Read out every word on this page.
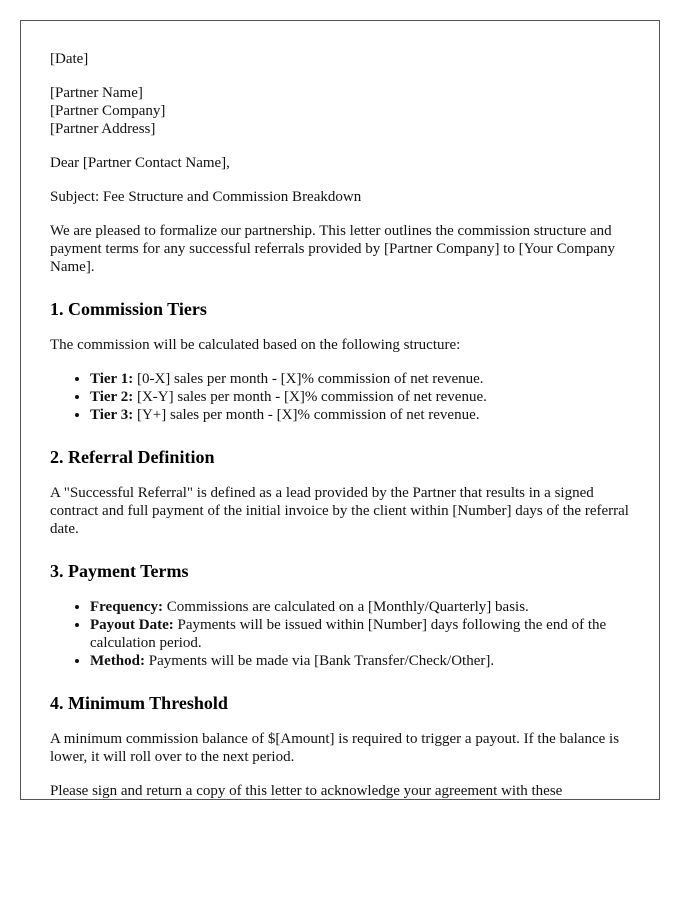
[Date]

[Partner Name]
[Partner Company]
[Partner Address]

Dear [Partner Contact Name],

Subject: Fee Structure and Commission Breakdown

We are pleased to formalize our partnership. This letter outlines the commission structure and payment terms for any successful referrals provided by [Partner Company] to [Your Company Name].

1. Commission Tiers

The commission will be calculated based on the following structure:

• Tier 1: [0-X] sales per month - [X]% commission of net revenue.
• Tier 2: [X-Y] sales per month - [X]% commission of net revenue.
• Tier 3: [Y+] sales per month - [X]% commission of net revenue.
2. Referral Definition

A "Successful Referral" is defined as a lead provided by the Partner that results in a signed contract and full payment of the initial invoice by the client within [Number] days of the referral date.

3. Payment Terms
• Frequency: Commissions are calculated on a [Monthly/Quarterly] basis.
• Payout Date: Payments will be issued within [Number] days following the end of the calculation period.
• Method: Payments will be made via [Bank Transfer/Check/Other].
4. Minimum Threshold

A minimum commission balance of $[Amount] is required to trigger a payout. If the balance is lower, it will roll over to the next period.

Please sign and return a copy of this letter to acknowledge your agreement with these
